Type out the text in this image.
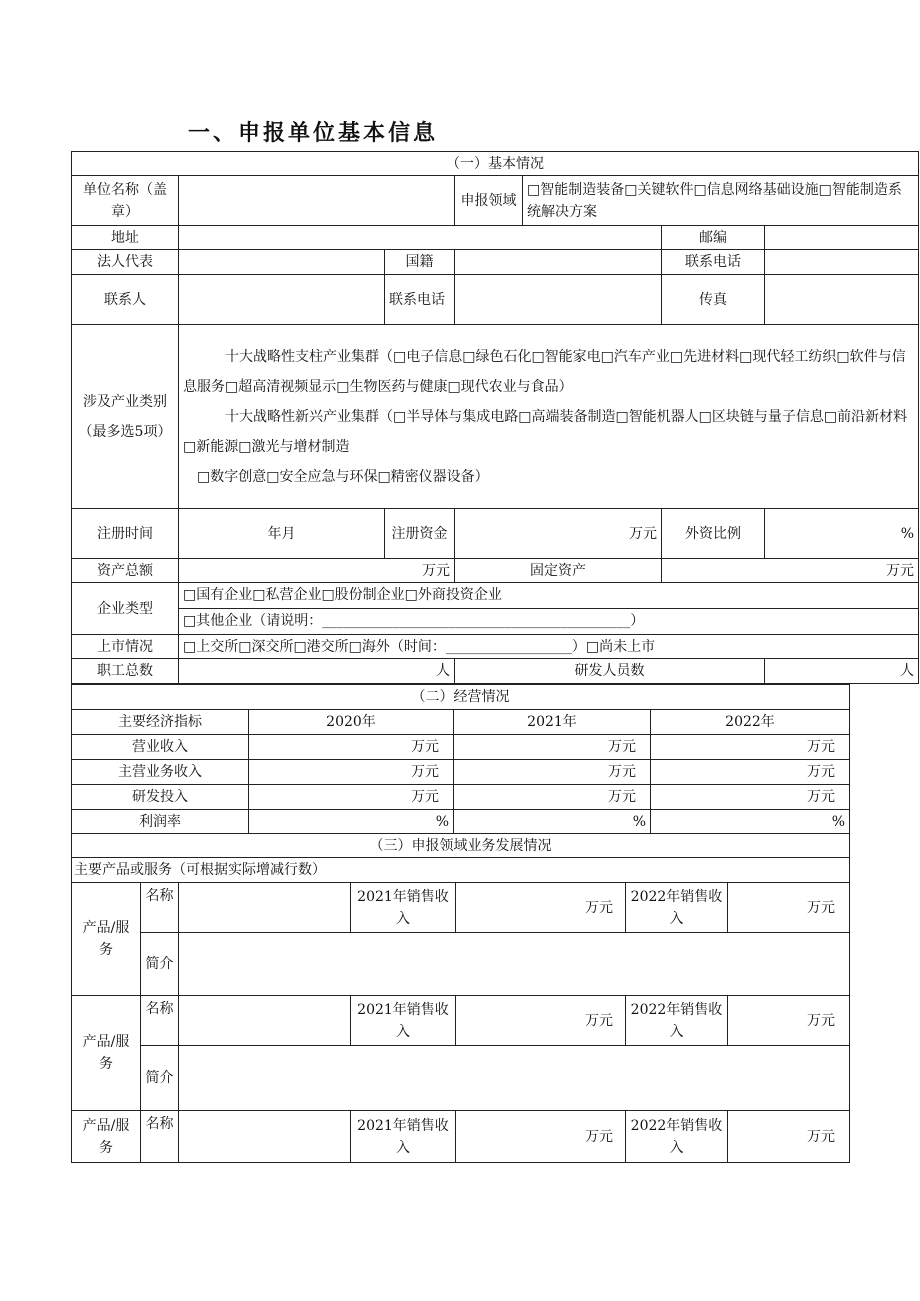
一、申报单位基本信息
（一）基本情况						
单位名称（盖章）			申报领域	□智能制造装备□关键软件□信息网络基础设施□智能制造系统解决方案		
地址					邮编	
法人代表		国籍			联系电话	
联系人		联系电话			传真	
涉及产业类别（最多选5项）	十大战略性支柱产业集群（□电子信息□绿色石化□智能家电□汽车产业□先进材料□现代轻工纺织□软件与信息服务□超高清视频显示□生物医药与健康□现代农业与食品）
十大战略性新兴产业集群（□半导体与集成电路□高端装备制造□智能机器人□区块链与量子信息□前沿新材料□新能源□激光与增材制造
□数字创意□安全应急与环保□精密仪器设备）					

注册时间	年月	注册资金	万元		外资比例	%
资产总额	万元		固定资产		万元	
企业类型	□国有企业□私营企业□股份制企业□外商投资企业
□其他企业（请说明：____________________________________________）					

上市情况	□上交所□深交所□港交所□海外（时间：__________________）□尚未上市					
职工总数	人		研发人员数			人
（二）经营情况			
主要经济指标	2020年	2021年	2022年
营业收入	万元	万元	万元
主营业务收入	万元	万元	万元
研发投入	万元	万元	万元
利润率	%	%	%
（三）申报领域业务发展情况						
主要产品或服务（可根据实际增减行数）						
产品/服务	名称		2021年销售收入	万元	2022年销售收入	万元
	简介					
产品/服务	名称		2021年销售收入	万元	2022年销售收入	万元
	简介					
产品/服务	名称		2021年销售收入	万元	2022年销售收入	万元
